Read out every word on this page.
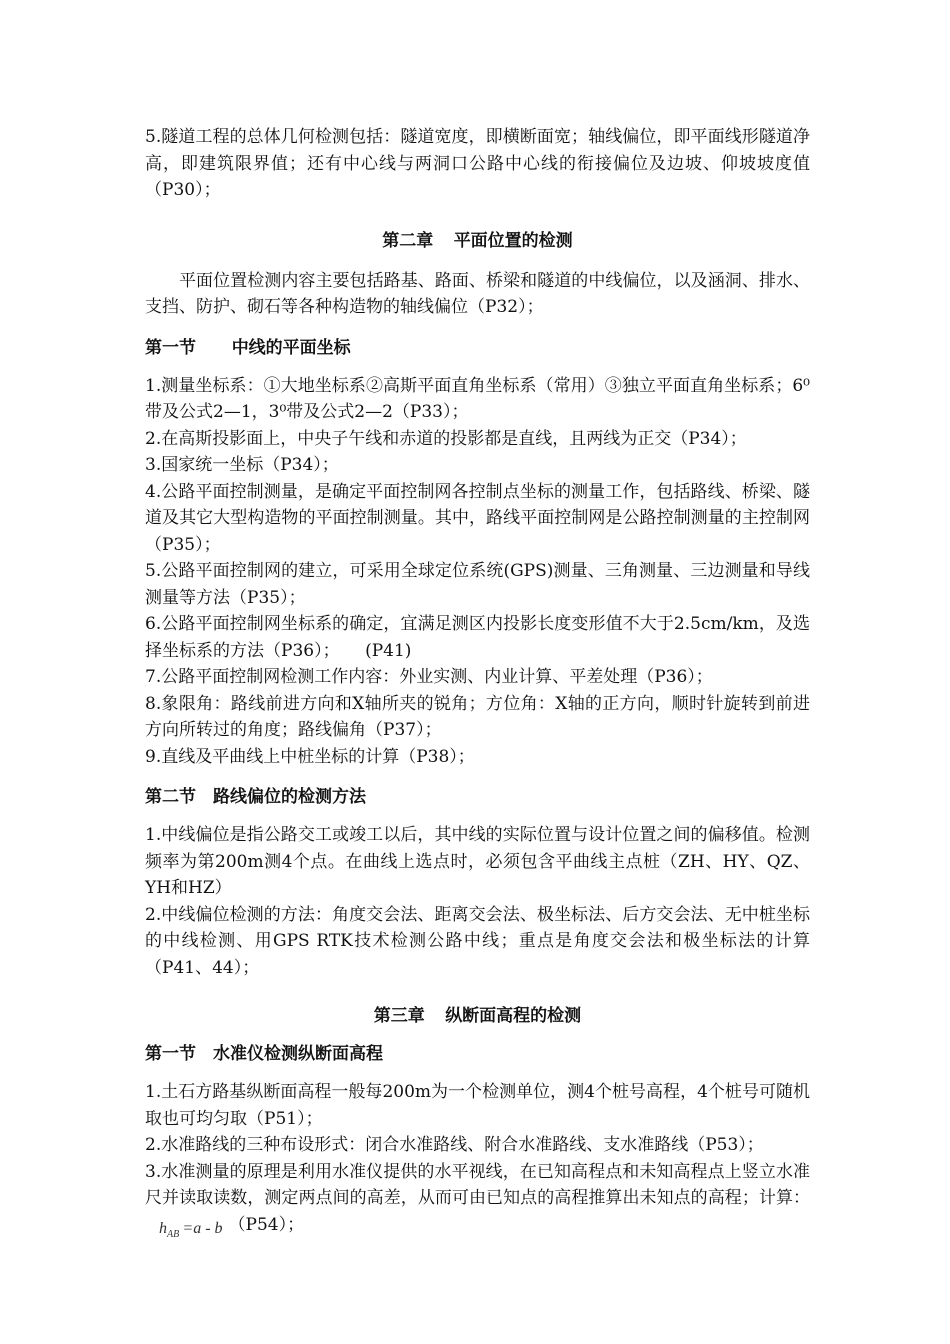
5.隧道工程的总体几何检测包括：隧道宽度，即横断面宽；轴线偏位，即平面线形隧道净高，即建筑限界值；还有中心线与两洞口公路中心线的衔接偏位及边坡、仰坡坡度值（P30）；

第二章 平面位置的检测

平面位置检测内容主要包括路基、路面、桥梁和隧道的中线偏位，以及涵洞、排水、支挡、防护、砌石等各种构造物的轴线偏位（P32）；

第一节 中线的平面坐标

1.测量坐标系：①大地坐标系②高斯平面直角坐标系（常用）③独立平面直角坐标系；6⁰带及公式2—1，3⁰带及公式2—2（P33）；

2.在高斯投影面上，中央子午线和赤道的投影都是直线，且两线为正交（P34）；

3.国家统一坐标（P34）；

4.公路平面控制测量，是确定平面控制网各控制点坐标的测量工作，包括路线、桥梁、隧道及其它大型构造物的平面控制测量。其中，路线平面控制网是公路控制测量的主控制网（P35）；

5.公路平面控制网的建立，可采用全球定位系统(GPS)测量、三角测量、三边测量和导线测量等方法（P35）；

6.公路平面控制网坐标系的确定，宜满足测区内投影长度变形值不大于2.5cm/km，及选择坐标系的方法（P36）；　　(P41)

7.公路平面控制网检测工作内容：外业实测、内业计算、平差处理（P36）；

8.象限角：路线前进方向和X轴所夹的锐角；方位角：X轴的正方向，顺时针旋转到前进方向所转过的角度；路线偏角（P37）；

9.直线及平曲线上中桩坐标的计算（P38）；

第二节 路线偏位的检测方法

1.中线偏位是指公路交工或竣工以后，其中线的实际位置与设计位置之间的偏移值。检测频率为第200m测4个点。在曲线上选点时，必须包含平曲线主点桩（ZH、HY、QZ、YH和HZ）

2.中线偏位检测的方法：角度交会法、距离交会法、极坐标法、后方交会法、无中桩坐标的中线检测、用GPS RTK技术检测公路中线；重点是角度交会法和极坐标法的计算（P41、44）；

第三章 纵断面高程的检测
第一节 水准仪检测纵断面高程

1.土石方路基纵断面高程一般每200m为一个检测单位，测4个桩号高程，4个桩号可随机取也可均匀取（P51）；

2.水准路线的三种布设形式：闭合水准路线、附合水准路线、支水准路线（P53）；

3.水准测量的原理是利用水准仪提供的水平视线，在已知高程点和未知高程点上竖立水准尺并读取读数，测定两点间的高差，从而可由已知点的高程推算出未知点的高程；计算：$h_{AB} =a - b$ （P54）；
